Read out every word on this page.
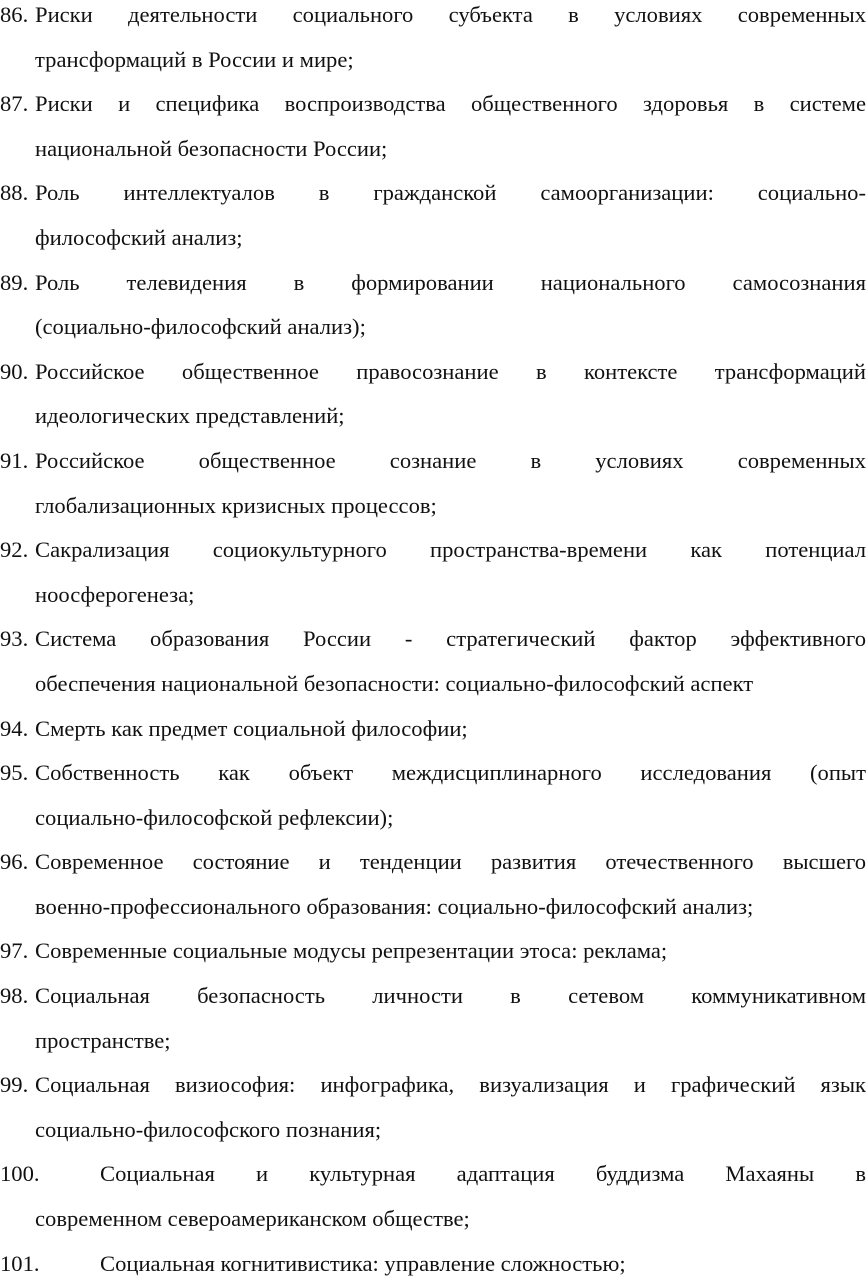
86. Риски деятельности социального субъекта в условиях современных
трансформаций в России и мире;
87. Риски и специфика воспроизводства общественного здоровья в системе
национальной безопасности России;
88. Роль интеллектуалов в гражданской самоорганизации: социально-
философский анализ;
89. Роль телевидения в формировании национального самосознания
(социально-философский анализ);
90. Российское общественное правосознание в контексте трансформаций
идеологических представлений;
91. Российское общественное сознание в условиях современных
глобализационных кризисных процессов;
92. Сакрализация социокультурного пространства-времени как потенциал
ноосферогенеза;
93. Система образования России - стратегический фактор эффективного
обеспечения национальной безопасности: социально-философский аспект
94. Смерть как предмет социальной философии;
95. Собственность как объект междисциплинарного исследования (опыт
социально-философской рефлексии);
96. Современное состояние и тенденции развития отечественного высшего
военно-профессионального образования: социально-философский анализ;
97. Современные социальные модусы репрезентации этоса: реклама;
98. Социальная безопасность личности в сетевом коммуникативном
пространстве;
99. Социальная визиософия: инфографика, визуализация и графический язык
социально-философского познания;
100.	Социальная и культурная адаптация буддизма Махаяны в
современном североамериканском обществе;
101.	Социальная когнитивистика: управление сложностью;
